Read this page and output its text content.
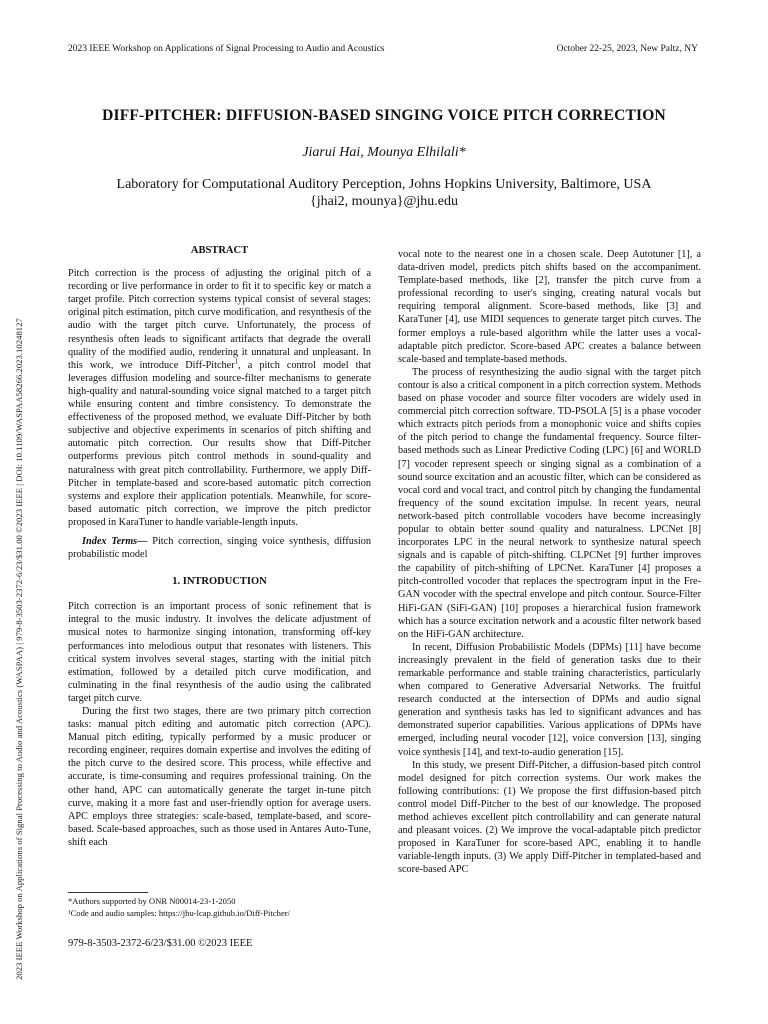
2023 IEEE Workshop on Applications of Signal Processing to Audio and Acoustics	October 22-25, 2023, New Paltz, NY
2023 IEEE Workshop on Applications of Signal Processing to Audio and Acoustics (WASPAA) | 979-8-3503-2372-6/23/$31.00 ©2023 IEEE | DOI: 10.1109/WASPAA58266.2023.10248127
DIFF-PITCHER: DIFFUSION-BASED SINGING VOICE PITCH CORRECTION
Jiarui Hai, Mounya Elhilali*
Laboratory for Computational Auditory Perception, Johns Hopkins University, Baltimore, USA
{jhai2, mounya}@jhu.edu
ABSTRACT

Pitch correction is the process of adjusting the original pitch of a recording or live performance in order to fit it to specific key or match a target profile. Pitch correction systems typical consist of several stages: original pitch estimation, pitch curve modification, and resynthesis of the audio with the target pitch curve. Unfortunately, the process of resynthesis often leads to significant artifacts that degrade the overall quality of the modified audio, rendering it unnatural and unpleasant. In this work, we introduce Diff-Pitcher$^1$, a pitch control model that leverages diffusion modeling and source-filter mechanisms to generate high-quality and natural-sounding voice signal matched to a target pitch while ensuring content and timbre consistency. To demonstrate the effectiveness of the proposed method, we evaluate Diff-Pitcher by both subjective and objective experiments in scenarios of pitch shifting and automatic pitch correction. Our results show that Diff-Pitcher outperforms previous pitch control methods in sound-quality and naturalness with great pitch controllability. Furthermore, we apply Diff-Pitcher in template-based and score-based automatic pitch correction systems and explore their application potentials. Meanwhile, for score-based automatic pitch correction, we improve the pitch predictor proposed in KaraTuner to handle variable-length inputs.

Index Terms— Pitch correction, singing voice synthesis, diffusion probabilistic model

1. INTRODUCTION

Pitch correction is an important process of sonic refinement that is integral to the music industry. It involves the delicate adjustment of musical notes to harmonize singing intonation, transforming off-key performances into melodious output that resonates with listeners. This critical system involves several stages, starting with the initial pitch estimation, followed by a detailed pitch curve modification, and culminating in the final resynthesis of the audio using the calibrated target pitch curve.

During the first two stages, there are two primary pitch correction tasks: manual pitch editing and automatic pitch correction (APC). Manual pitch editing, typically performed by a music producer or recording engineer, requires domain expertise and involves the editing of the pitch curve to the desired score. This process, while effective and accurate, is time-consuming and requires professional training. On the other hand, APC can automatically generate the target in-tune pitch curve, making it a more fast and user-friendly option for average users. APC employs three strategies: scale-based, template-based, and score-based. Scale-based approaches, such as those used in Antares Auto-Tune, shift each

vocal note to the nearest one in a chosen scale. Deep Autotuner [1], a data-driven model, predicts pitch shifts based on the accompaniment. Template-based methods, like [2], transfer the pitch curve from a professional recording to user's singing, creating natural vocals but requiring temporal alignment. Score-based methods, like [3] and KaraTuner [4], use MIDI sequences to generate target pitch curves. The former employs a rule-based algorithm while the latter uses a vocal-adaptable pitch predictor. Score-based APC creates a balance between scale-based and template-based methods.

The process of resynthesizing the audio signal with the target pitch contour is also a critical component in a pitch correction system. Methods based on phase vocoder and source filter vocoders are widely used in commercial pitch correction software. TD-PSOLA [5] is a phase vocoder which extracts pitch periods from a monophonic voice and shifts copies of the pitch period to change the fundamental frequency. Source filter-based methods such as Linear Predictive Coding (LPC) [6] and WORLD [7] vocoder represent speech or singing signal as a combination of a sound source excitation and an acoustic filter, which can be considered as vocal cord and vocal tract, and control pitch by changing the fundamental frequency of the sound excitation impulse. In recent years, neural network-based pitch controllable vocoders have become increasingly popular to obtain better sound quality and naturalness. LPCNet [8] incorporates LPC in the neural network to synthesize natural speech signals and is capable of pitch-shifting. CLPCNet [9] further improves the capability of pitch-shifting of LPCNet. KaraTuner [4] proposes a pitch-controlled vocoder that replaces the spectrogram input in the Fre-GAN vocoder with the spectral envelope and pitch contour. Source-Filter HiFi-GAN (SiFi-GAN) [10] proposes a hierarchical fusion framework which has a source excitation network and a acoustic filter network based on the HiFi-GAN architecture.

In recent, Diffusion Probabilistic Models (DPMs) [11] have become increasingly prevalent in the field of generation tasks due to their remarkable performance and stable training characteristics, particularly when compared to Generative Adversarial Networks. The fruitful research conducted at the intersection of DPMs and audio signal generation and synthesis tasks has led to significant advances and has demonstrated superior capabilities. Various applications of DPMs have emerged, including neural vocoder [12], voice conversion [13], singing voice synthesis [14], and text-to-audio generation [15].

In this study, we present Diff-Pitcher, a diffusion-based pitch control model designed for pitch correction systems. Our work makes the following contributions: (1) We propose the first diffusion-based pitch control model Diff-Pitcher to the best of our knowledge. The proposed method achieves excellent pitch controllability and can generate natural and pleasant voices. (2) We improve the vocal-adaptable pitch predictor proposed in KaraTuner for score-based APC, enabling it to handle variable-length inputs. (3) We apply Diff-Pitcher in templated-based and score-based APC

*Authors supported by ONR N00014-23-1-2050
¹Code and audio samples: https://jhu-lcap.github.io/Diff-Pitcher/
979-8-3503-2372-6/23/$31.00 ©2023 IEEE
